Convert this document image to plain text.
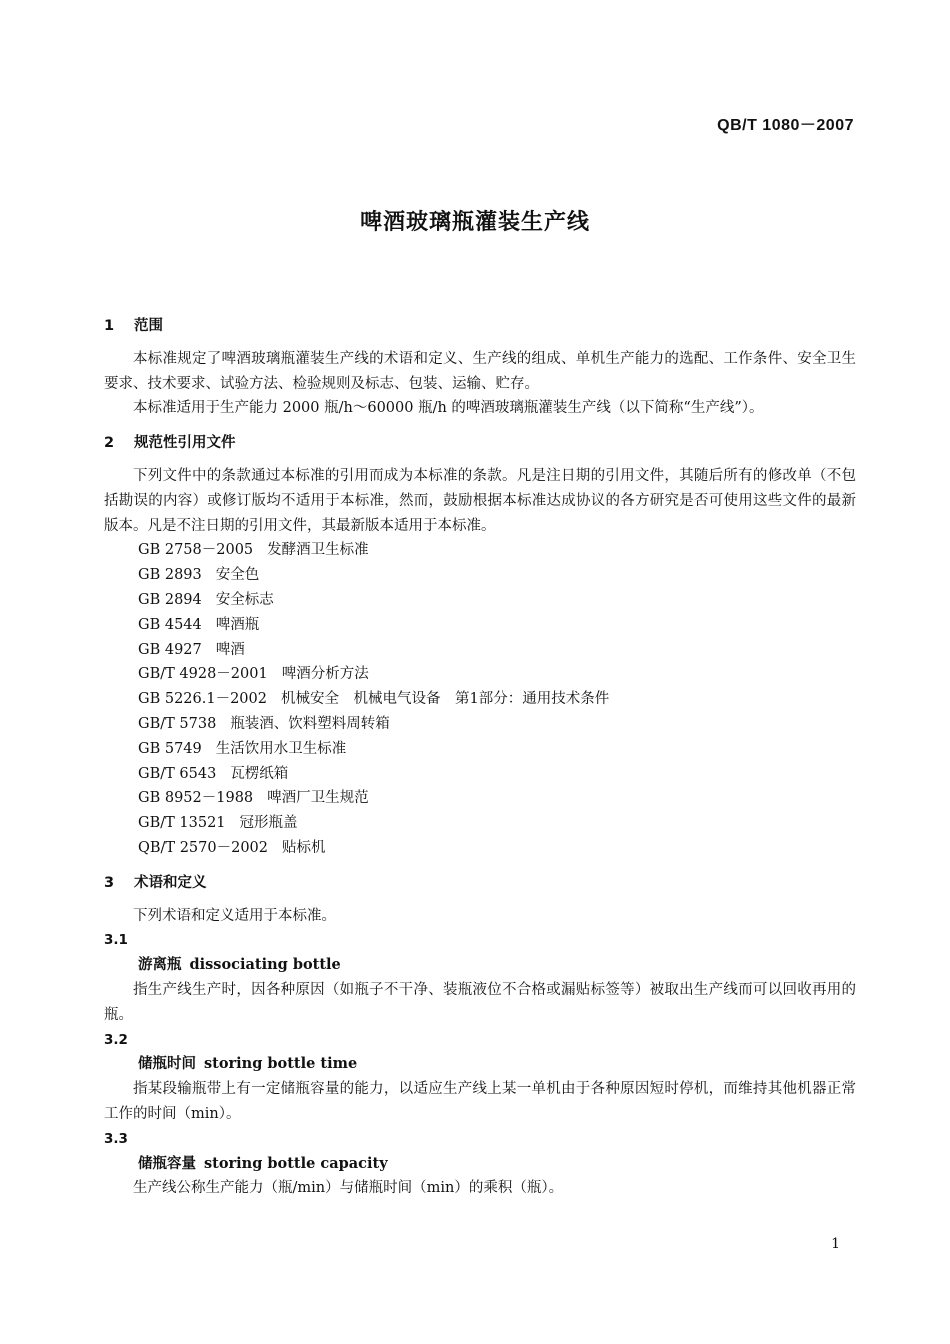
QB/T 1080－2007
啤酒玻璃瓶灌装生产线
1 范围

本标准规定了啤酒玻璃瓶灌装生产线的术语和定义、生产线的组成、单机生产能力的选配、工作条件、安全卫生要求、技术要求、试验方法、检验规则及标志、包装、运输、贮存。

本标准适用于生产能力 2000 瓶/h～60000 瓶/h 的啤酒玻璃瓶灌装生产线（以下简称“生产线”）。

2 规范性引用文件

下列文件中的条款通过本标准的引用而成为本标准的条款。凡是注日期的引用文件，其随后所有的修改单（不包括勘误的内容）或修订版均不适用于本标准，然而，鼓励根据本标准达成协议的各方研究是否可使用这些文件的最新版本。凡是不注日期的引用文件，其最新版本适用于本标准。

GB 2758－2005 发酵酒卫生标准

GB 2893 安全色

GB 2894 安全标志

GB 4544 啤酒瓶

GB 4927 啤酒

GB/T 4928－2001 啤酒分析方法

GB 5226.1－2002 机械安全　机械电气设备　第1部分：通用技术条件

GB/T 5738 瓶装酒、饮料塑料周转箱

GB 5749 生活饮用水卫生标准

GB/T 6543 瓦楞纸箱

GB 8952－1988 啤酒厂卫生规范

GB/T 13521 冠形瓶盖

QB/T 2570－2002 贴标机

3 术语和定义

下列术语和定义适用于本标准。

3.1

游离瓶 dissociating bottle

指生产线生产时，因各种原因（如瓶子不干净、装瓶液位不合格或漏贴标签等）被取出生产线而可以回收再用的瓶。

3.2

储瓶时间 storing bottle time

指某段输瓶带上有一定储瓶容量的能力，以适应生产线上某一单机由于各种原因短时停机，而维持其他机器正常工作的时间（min）。

3.3

储瓶容量 storing bottle capacity

生产线公称生产能力（瓶/min）与储瓶时间（min）的乘积（瓶）。

1
